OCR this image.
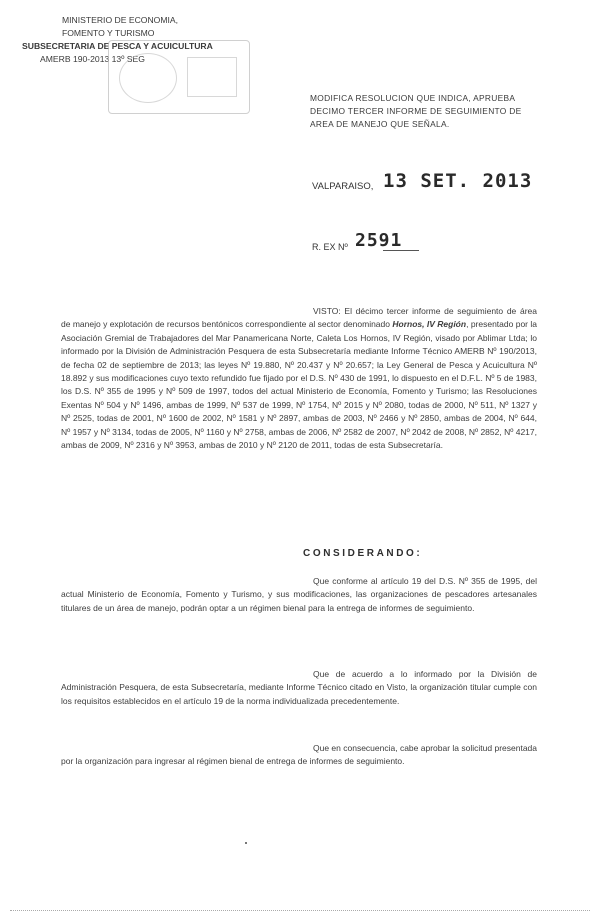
MINISTERIO DE ECONOMIA,
FOMENTO Y TURISMO
SUBSECRETARIA DE PESCA Y ACUICULTURA
AMERB 190-2013 13º SEG
MODIFICA RESOLUCION QUE INDICA, APRUEBA DECIMO TERCER INFORME DE SEGUIMIENTO DE AREA DE MANEJO QUE SEÑALA.
VALPARAISO, 13 SET. 2013
R. EX Nº 2591

VISTO: El décimo tercer informe de seguimiento de área de manejo y explotación de recursos bentónicos correspondiente al sector denominado Hornos, IV Región, presentado por la Asociación Gremial de Trabajadores del Mar Panamericana Norte, Caleta Los Hornos, IV Región, visado por Ablimar Ltda; lo informado por la División de Administración Pesquera de esta Subsecretaría mediante Informe Técnico AMERB Nº 190/2013, de fecha 02 de septiembre de 2013; las leyes Nº 19.880, Nº 20.437 y Nº 20.657; la Ley General de Pesca y Acuicultura Nº 18.892 y sus modificaciones cuyo texto refundido fue fijado por el D.S. Nº 430 de 1991, lo dispuesto en el D.F.L. Nº 5 de 1983, los D.S. Nº 355 de 1995 y Nº 509 de 1997, todos del actual Ministerio de Economía, Fomento y Turismo; las Resoluciones Exentas Nº 504 y Nº 1496, ambas de 1999, Nº 537 de 1999, Nº 1754, Nº 2015 y Nº 2080, todas de 2000, Nº 511, Nº 1327 y Nº 2525, todas de 2001, Nº 1600 de 2002, Nº 1581 y Nº 2897, ambas de 2003, Nº 2466 y Nº 2850, ambas de 2004, Nº 644, Nº 1957 y Nº 3134, todas de 2005, Nº 1160 y Nº 2758, ambas de 2006, Nº 2582 de 2007, Nº 2042 de 2008, Nº 2852, Nº 4217, ambas de 2009, Nº 2316 y Nº 3953, ambas de 2010 y Nº 2120 de 2011, todas de esta Subsecretaría.

CONSIDERANDO:

Que conforme al artículo 19 del D.S. Nº 355 de 1995, del actual Ministerio de Economía, Fomento y Turismo, y sus modificaciones, las organizaciones de pescadores artesanales titulares de un área de manejo, podrán optar a un régimen bienal para la entrega de informes de seguimiento.

Que de acuerdo a lo informado por la División de Administración Pesquera, de esta Subsecretaría, mediante Informe Técnico citado en Visto, la organización titular cumple con los requisitos establecidos en el artículo 19 de la norma individualizada precedentemente.

Que en consecuencia, cabe aprobar la solicitud presentada por la organización para ingresar al régimen bienal de entrega de informes de seguimiento.
